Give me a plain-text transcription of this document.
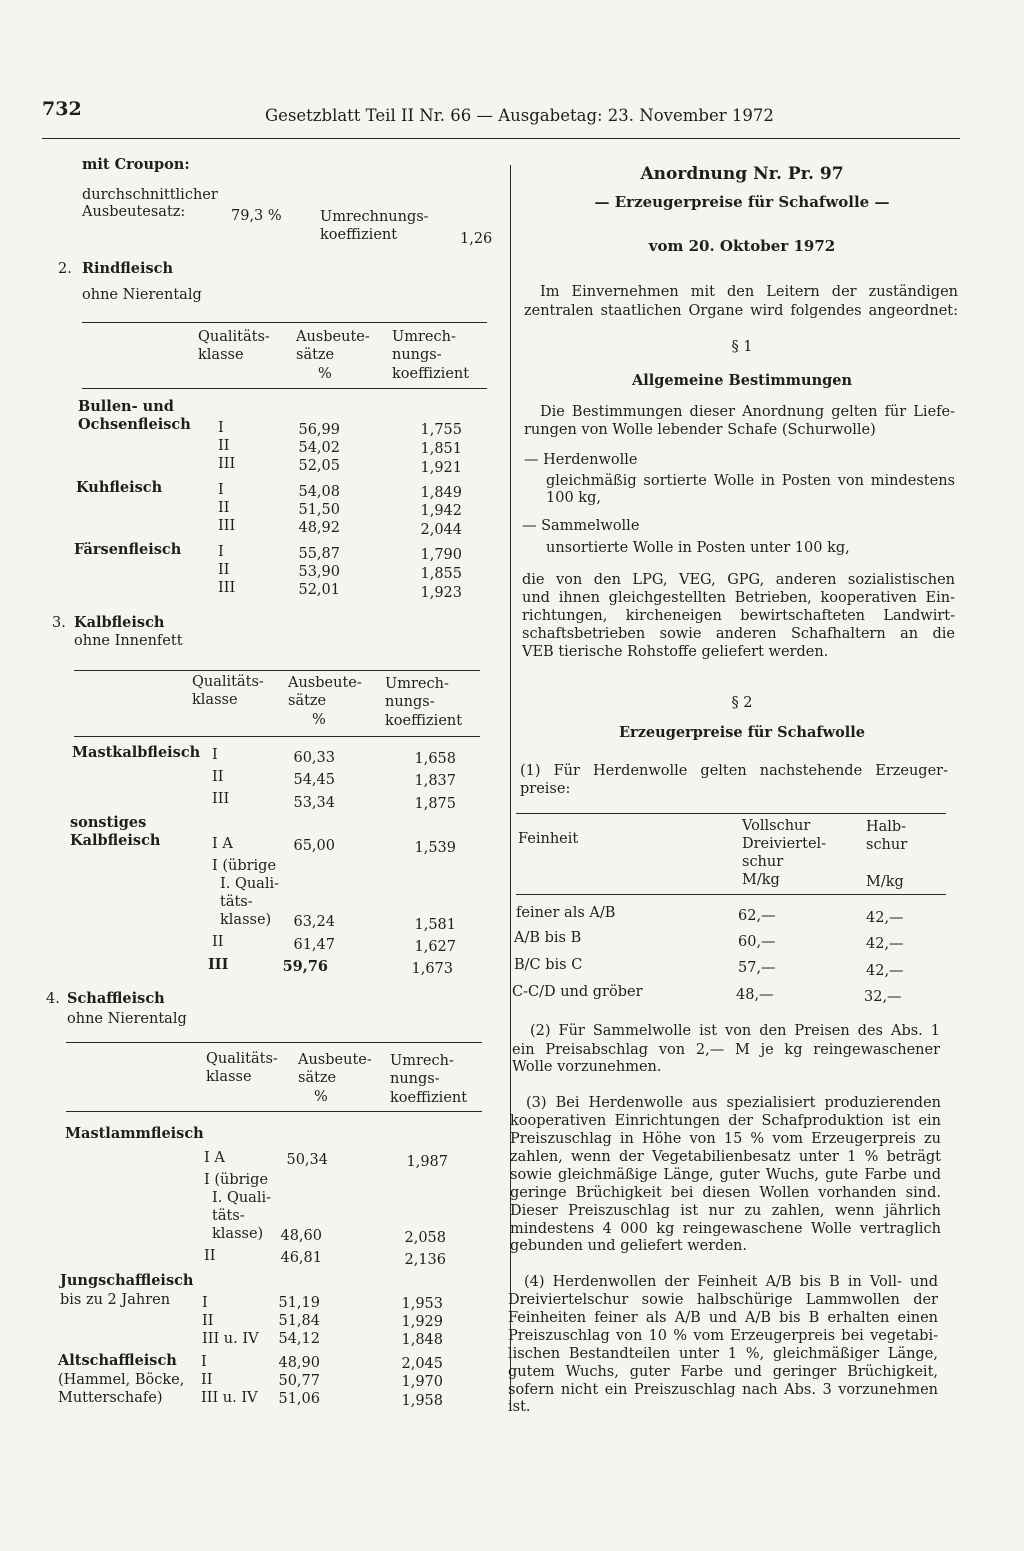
732	Gesetzblatt Teil II Nr. 66 — Ausgabetag: 23. November 1972
mit Croupon:
durchschnittlicher
Ausbeutesatz:	79,3 %	Umrechnungs-
koeffizient	1,26
2. Rindfleisch
ohne Nierentalg
Qualitäts-
klasse
Ausbeute-
sätze
%
Umrech-
nungs-
koeffizient
Bullen- und
Ochsenfleisch I	56,99	1,755
II	54,02	1,851
III	52,05	1,921
Kuhfleisch	I	54,08	1,849
II	51,50	1,942
III	48,92	2,044
Färsenfleisch	I	55,87	1,790
II	53,90	1,855
III	52,01	1,923
3. Kalbfleisch
ohne Innenfett
Qualitäts-
klasse
Ausbeute-
sätze
%
Umrech-
nungs-
koeffizient
Mastkalbfleisch I	60,33	1,658
II	54,45	1,837
III	53,34	1,875
sonstiges
Kalbfleisch	I A	65,00	1,539
I (übrige
I. Quali-
täts-
klasse)	63,24	1,581
II	61,47	1,627
III	59,76	1,673
4. Schaffleisch
ohne Nierentalg
Qualitäts-
klasse
Ausbeute-
sätze
%
Umrech-
nungs-
koeffizient
Mastlammfleisch
I A	50,34	1,987
I (übrige
I. Quali-
täts-
klasse)	48,60	2,058
II	46,81	2,136
Jungschaffleisch
bis zu 2 Jahren I	51,19	1,953
II	51,84	1,929
III u. IV	54,12	1,848
Altschaffleisch
(Hammel, Böcke,
Mutterschafe)
I	48,90	2,045
II	50,77	1,970
III u. IV	51,06	1,958
Anordnung Nr. Pr. 97
— Erzeugerpreise für Schafwolle —
vom 20. Oktober 1972
Im Einvernehmen mit den Leitern der zuständigen
zentralen staatlichen Organe wird folgendes angeordnet:
§ 1
Allgemeine Bestimmungen
Die Bestimmungen dieser Anordnung gelten für Liefe-
rungen von Wolle lebender Schafe (Schurwolle)
— Herdenwolle
gleichmäßig sortierte Wolle in Posten von mindestens
100 kg,
— Sammelwolle
unsortierte Wolle in Posten unter 100 kg,
die von den LPG, VEG, GPG, anderen sozialistischen
und ihnen gleichgestellten Betrieben, kooperativen Ein-
richtungen, kircheneigen bewirtschafteten Landwirt-
schaftsbetrieben sowie anderen Schafhaltern an die
VEB tierische Rohstoffe geliefert werden.
§ 2
Erzeugerpreise für Schafwolle
(1) Für Herdenwolle gelten nachstehende Erzeuger-
preise:
Feinheit
Vollschur
Dreiviertel-
schur
M/kg
Halb-
schur
M/kg
feiner als A/B	62,—	42,—
A/B bis B	60,—	42,—
B/C bis C	57,—	42,—
C-C/D und gröber	48,—	32,—
(2) Für Sammelwolle ist von den Preisen des Abs. 1
ein Preisabschlag von 2,— M je kg reingewaschener
Wolle vorzunehmen.
(3) Bei Herdenwolle aus spezialisiert produzierenden
kooperativen Einrichtungen der Schafproduktion ist ein
Preiszuschlag in Höhe von 15 % vom Erzeugerpreis zu
zahlen, wenn der Vegetabilienbesatz unter 1 % beträgt
sowie gleichmäßige Länge, guter Wuchs, gute Farbe und
geringe Brüchigkeit bei diesen Wollen vorhanden sind.
Dieser Preiszuschlag ist nur zu zahlen, wenn jährlich
mindestens 4 000 kg reingewaschene Wolle vertraglich
gebunden und geliefert werden.
(4) Herdenwollen der Feinheit A/B bis B in Voll- und
Dreiviertelschur sowie halbschürige Lammwollen der
Feinheiten feiner als A/B und A/B bis B erhalten einen
Preiszuschlag von 10 % vom Erzeugerpreis bei vegetabi-
lischen Bestandteilen unter 1 %, gleichmäßiger Länge,
gutem Wuchs, guter Farbe und geringer Brüchigkeit,
sofern nicht ein Preiszuschlag nach Abs. 3 vorzunehmen
ist.
